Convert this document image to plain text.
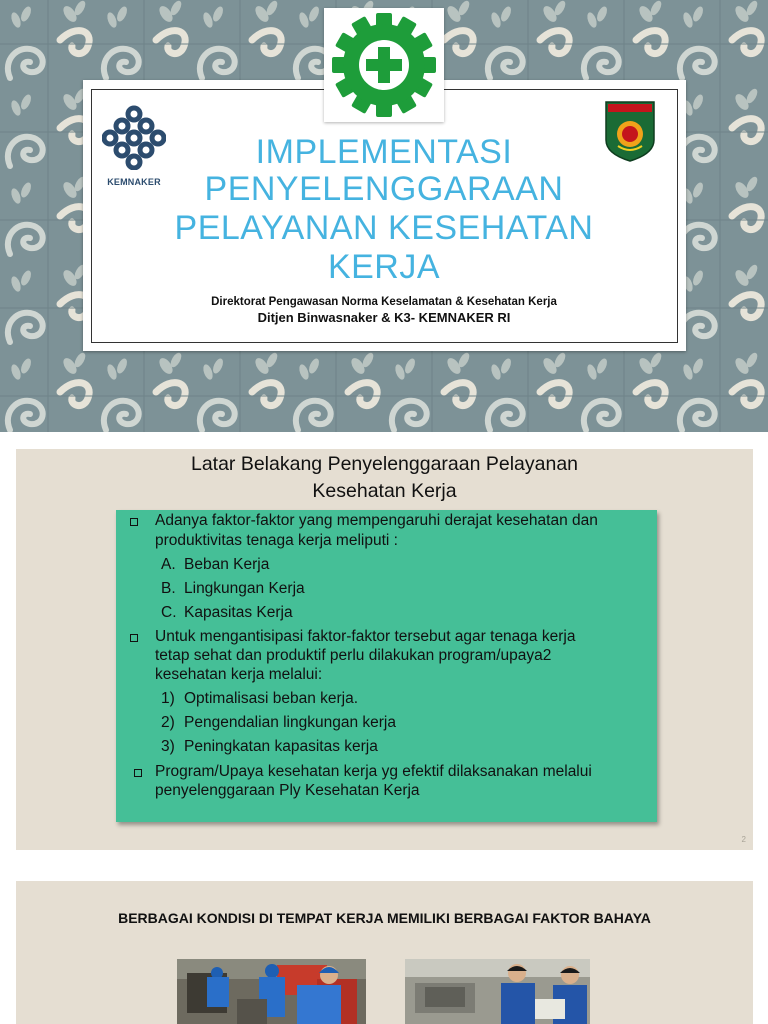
KEMNAKER
IMPLEMENTASI
PENYELENGGARAAN
PELAYANAN KESEHATAN
KERJA
Direktorat Pengawasan Norma Keselamatan & Kesehatan Kerja
Ditjen Binwasnaker & K3- KEMNAKER RI
Latar Belakang Penyelenggaraan Pelayanan
Kesehatan Kerja
Adanya faktor-faktor yang mempengaruhi derajat kesehatan dan
produktivitas tenaga kerja meliputi :
A. Beban Kerja
B. Lingkungan Kerja
C. Kapasitas Kerja
Untuk mengantisipasi faktor-faktor tersebut agar tenaga kerja
tetap sehat dan produktif perlu dilakukan program/upaya2
kesehatan kerja melalui:
1) Optimalisasi beban kerja.
2) Pengendalian lingkungan kerja
3) Peningkatan kapasitas kerja
Program/Upaya kesehatan kerja yg efektif dilaksanakan melalui
penyelenggaraan Ply Kesehatan Kerja
2
BERBAGAI KONDISI DI TEMPAT KERJA MEMILIKI BERBAGAI FAKTOR BAHAYA
